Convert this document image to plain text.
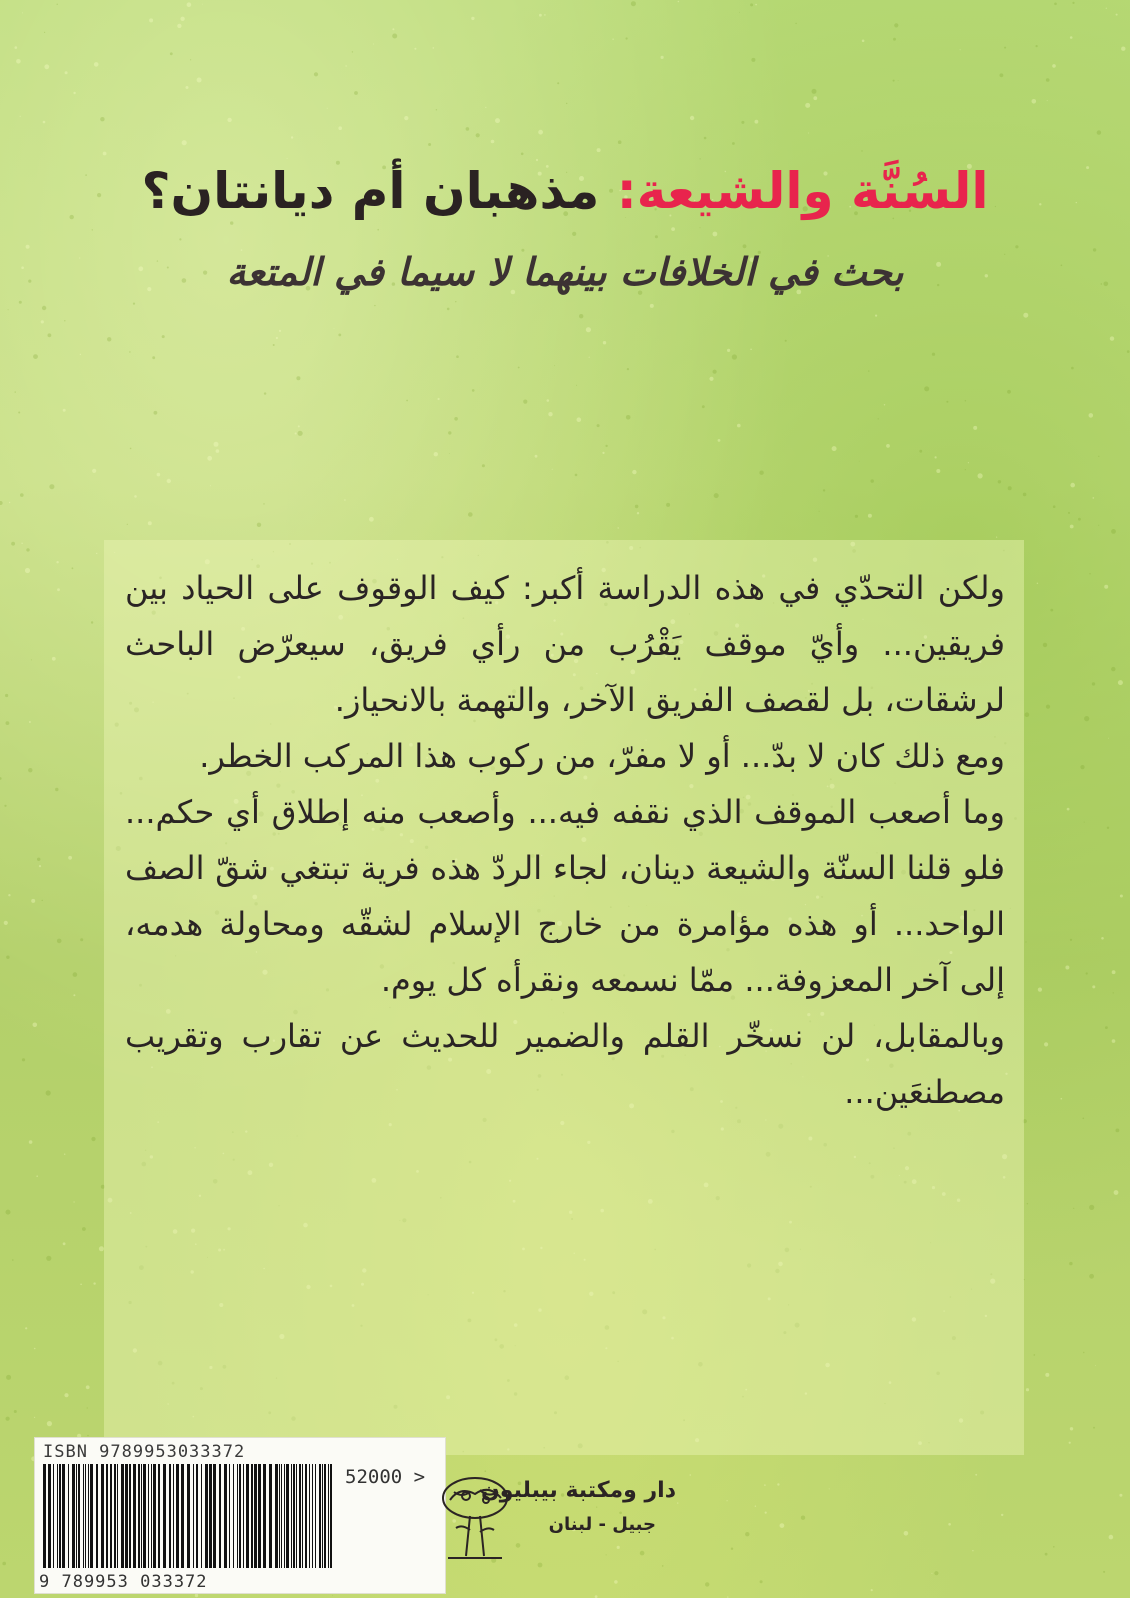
السُنَّة والشيعة: مذهبان أم ديانتان؟
بحث في الخلافات بينهما لا سيما في المتعة

ولكن التحدّي في هذه الدراسة أكبر: كيف الوقوف على الحياد بين فريقين... وأيّ موقف يَقْرُب من رأي فريق، سيعرّض الباحث لرشقات، بل لقصف الفريق الآخر، والتهمة بالانحياز.

ومع ذلك كان لا بدّ... أو لا مفرّ، من ركوب هذا المركب الخطر.

وما أصعب الموقف الذي نقفه فيه... وأصعب منه إطلاق أي حكم... فلو قلنا السنّة والشيعة دينان، لجاء الردّ هذه فرية تبتغي شقّ الصف الواحد... أو هذه مؤامرة من خارج الإسلام لشقّه ومحاولة هدمه، إلى آخر المعزوفة... ممّا نسمعه ونقرأه كل يوم.

وبالمقابل، لن نسخّر القلم والضمير للحديث عن تقارب وتقريب مصطنعَين...

ISBN 9789953033372
52000 >
9 789953 033372
دار ومكتبة بيبليون
جبيل - لبنان
